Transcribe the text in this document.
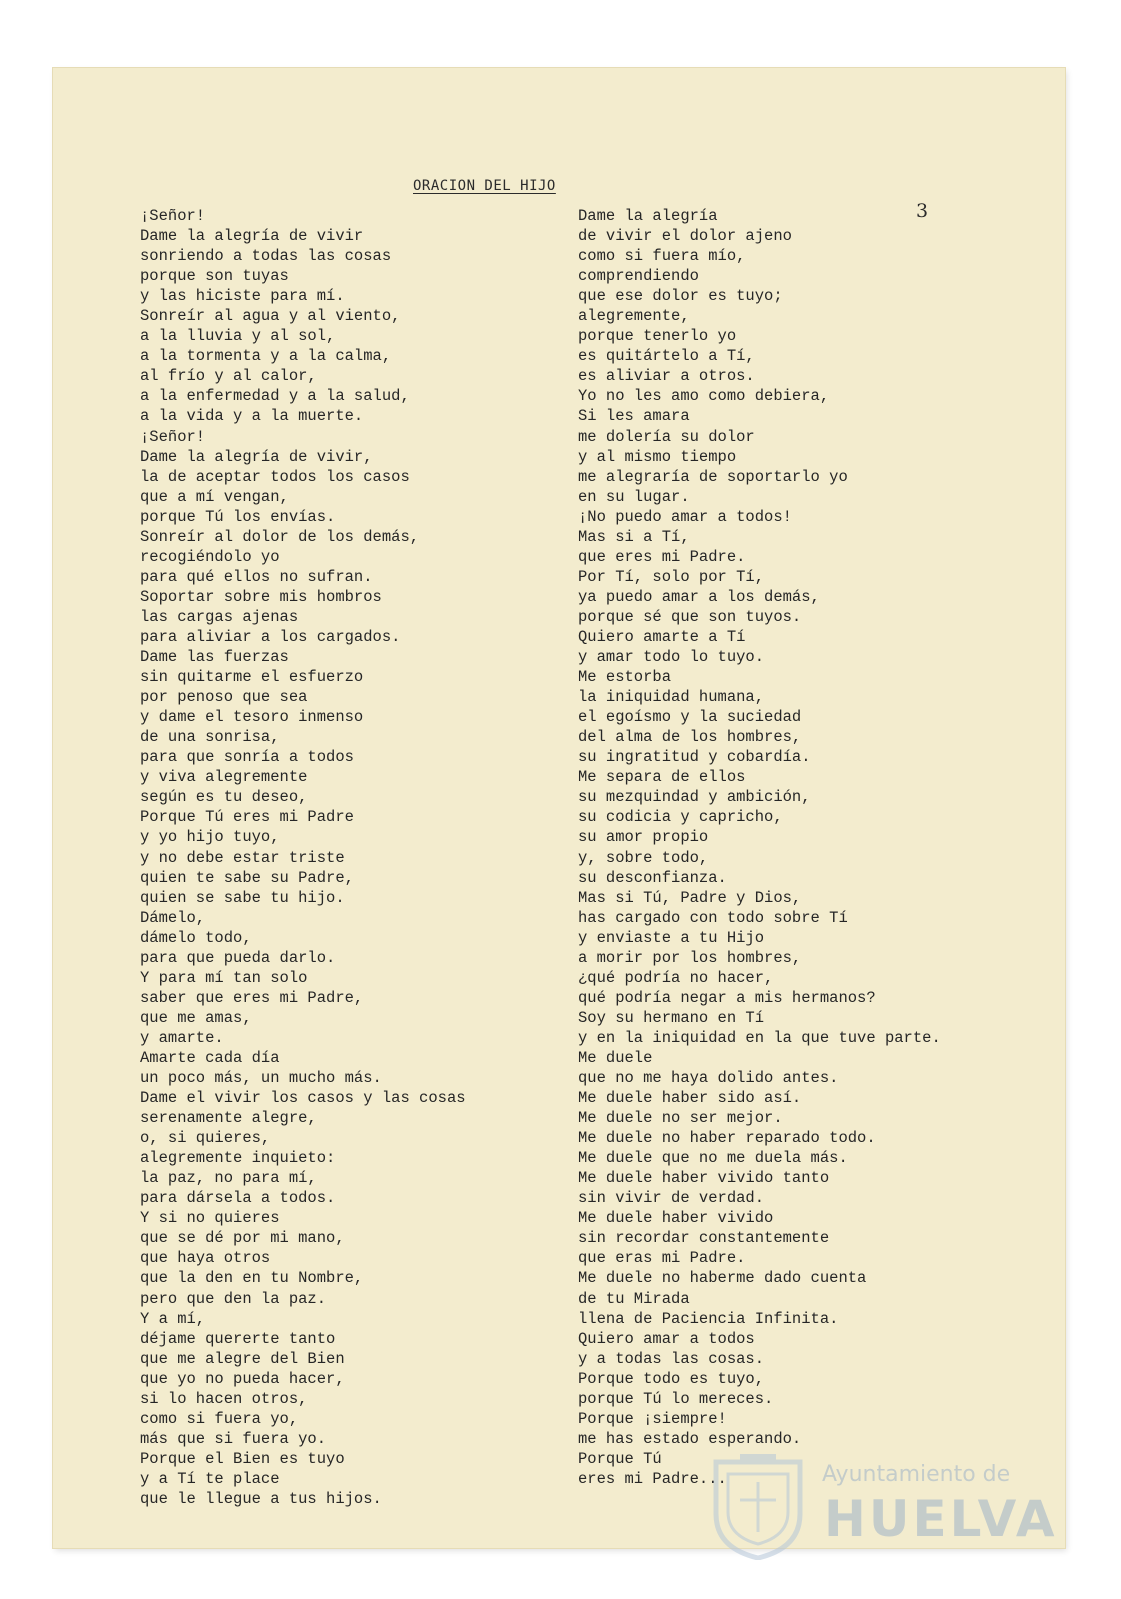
ORACION DEL HIJO
3
¡Señor!
Dame la alegría de vivir
sonriendo a todas las cosas
porque son tuyas
y las hiciste para mí.
Sonreír al agua y al viento,
a la lluvia y al sol,
a la tormenta y a la calma,
al frío y al calor,
a la enfermedad y a la salud,
a la vida y a la muerte.
¡Señor!
Dame la alegría de vivir,
la de aceptar todos los casos
que a mí vengan,
porque Tú los envías.
Sonreír al dolor de los demás,
recogiéndolo yo
para qué ellos no sufran.
Soportar sobre mis hombros
las cargas ajenas
para aliviar a los cargados.
Dame las fuerzas
sin quitarme el esfuerzo
por penoso que sea
y dame el tesoro inmenso
de una sonrisa,
para que sonría a todos
y viva alegremente
según es tu deseo,
Porque Tú eres mi Padre
y yo hijo tuyo,
y no debe estar triste
quien te sabe su Padre,
quien se sabe tu hijo.
Dámelo,
dámelo todo,
para que pueda darlo.
Y para mí tan solo
saber que eres mi Padre,
que me amas,
y amarte.
Amarte cada día
un poco más, un mucho más.
Dame el vivir los casos y las cosas
serenamente alegre,
o, si quieres,
alegremente inquieto:
la paz, no para mí,
para dársela a todos.
Y si no quieres
que se dé por mi mano,
que haya otros
que la den en tu Nombre,
pero que den la paz.
Y a mí,
déjame quererte tanto
que me alegre del Bien
que yo no pueda hacer,
si lo hacen otros,
como si fuera yo,
más que si fuera yo.
Porque el Bien es tuyo
y a Tí te place
que le llegue a tus hijos.
Dame la alegría
de vivir el dolor ajeno
como si fuera mío,
comprendiendo
que ese dolor es tuyo;
alegremente,
porque tenerlo yo
es quitártelo a Tí,
es aliviar a otros.
Yo no les amo como debiera,
Si les amara
me dolería su dolor
y al mismo tiempo
me alegraría de soportarlo yo
en su lugar.
¡No puedo amar a todos!
Mas si a Tí,
que eres mi Padre.
Por Tí, solo por Tí,
ya puedo amar a los demás,
porque sé que son tuyos.
Quiero amarte a Tí
y amar todo lo tuyo.
Me estorba
la iniquidad humana,
el egoísmo y la suciedad
del alma de los hombres,
su ingratitud y cobardía.
Me separa de ellos
su mezquindad y ambición,
su codicia y capricho,
su amor propio
y, sobre todo,
su desconfianza.
Mas si Tú, Padre y Dios,
has cargado con todo sobre Tí
y enviaste a tu Hijo
a morir por los hombres,
¿qué podría no hacer,
qué podría negar a mis hermanos?
Soy su hermano en Tí
y en la iniquidad en la que tuve parte.
Me duele
que no me haya dolido antes.
Me duele haber sido así.
Me duele no ser mejor.
Me duele no haber reparado todo.
Me duele que no me duela más.
Me duele haber vivido tanto
sin vivir de verdad.
Me duele haber vivido
sin recordar constantemente
que eras mi Padre.
Me duele no haberme dado cuenta
de tu Mirada
llena de Paciencia Infinita.
Quiero amar a todos
y a todas las cosas.
Porque todo es tuyo,
porque Tú lo mereces.
Porque ¡siempre!
me has estado esperando.
Porque Tú
eres mi Padre...	Ayuntamiento de
HUELVA
